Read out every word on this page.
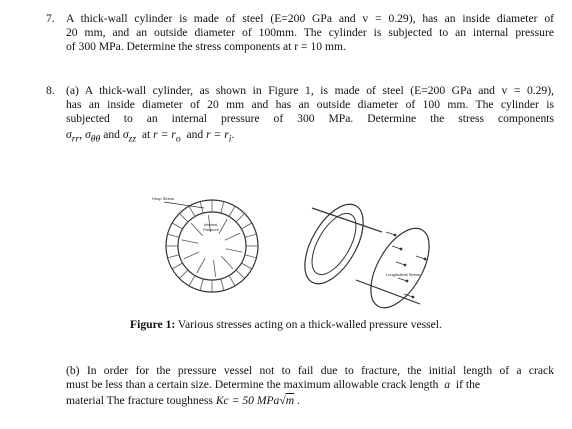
7. A thick-wall cylinder is made of steel (E=200 GPa and v = 0.29), has an inside diameter of
20 mm, and an outside diameter of 100mm. The cylinder is subjected to an internal pressure
of 300 MPa. Determine the stress components at r = 10 mm.
8. (a) A thick-wall cylinder, as shown in Figure 1, is made of steel (E=200 GPa and v = 0.29),
has an inside diameter of 20 mm and has an outside diameter of 100 mm. The cylinder is
subjected to an internal pressure of 300 MPa. Determine the stress components
$\sigma_{rr}$, $\sigma_{\theta\theta}$ and $\sigma_{zz}$ at $r = r_o$ and $r = r_i$.
Hoop Stress
Internal
Pressure
Longitudinal Stress
Figure 1: Various stresses acting on a thick-walled pressure vessel.
(b) In order for the pressure vessel not to fail due to fracture, the initial length of a crack
must be less than a certain size. Determine the maximum allowable crack length a if the
material The fracture toughness Kc = 50 MPa√m .
